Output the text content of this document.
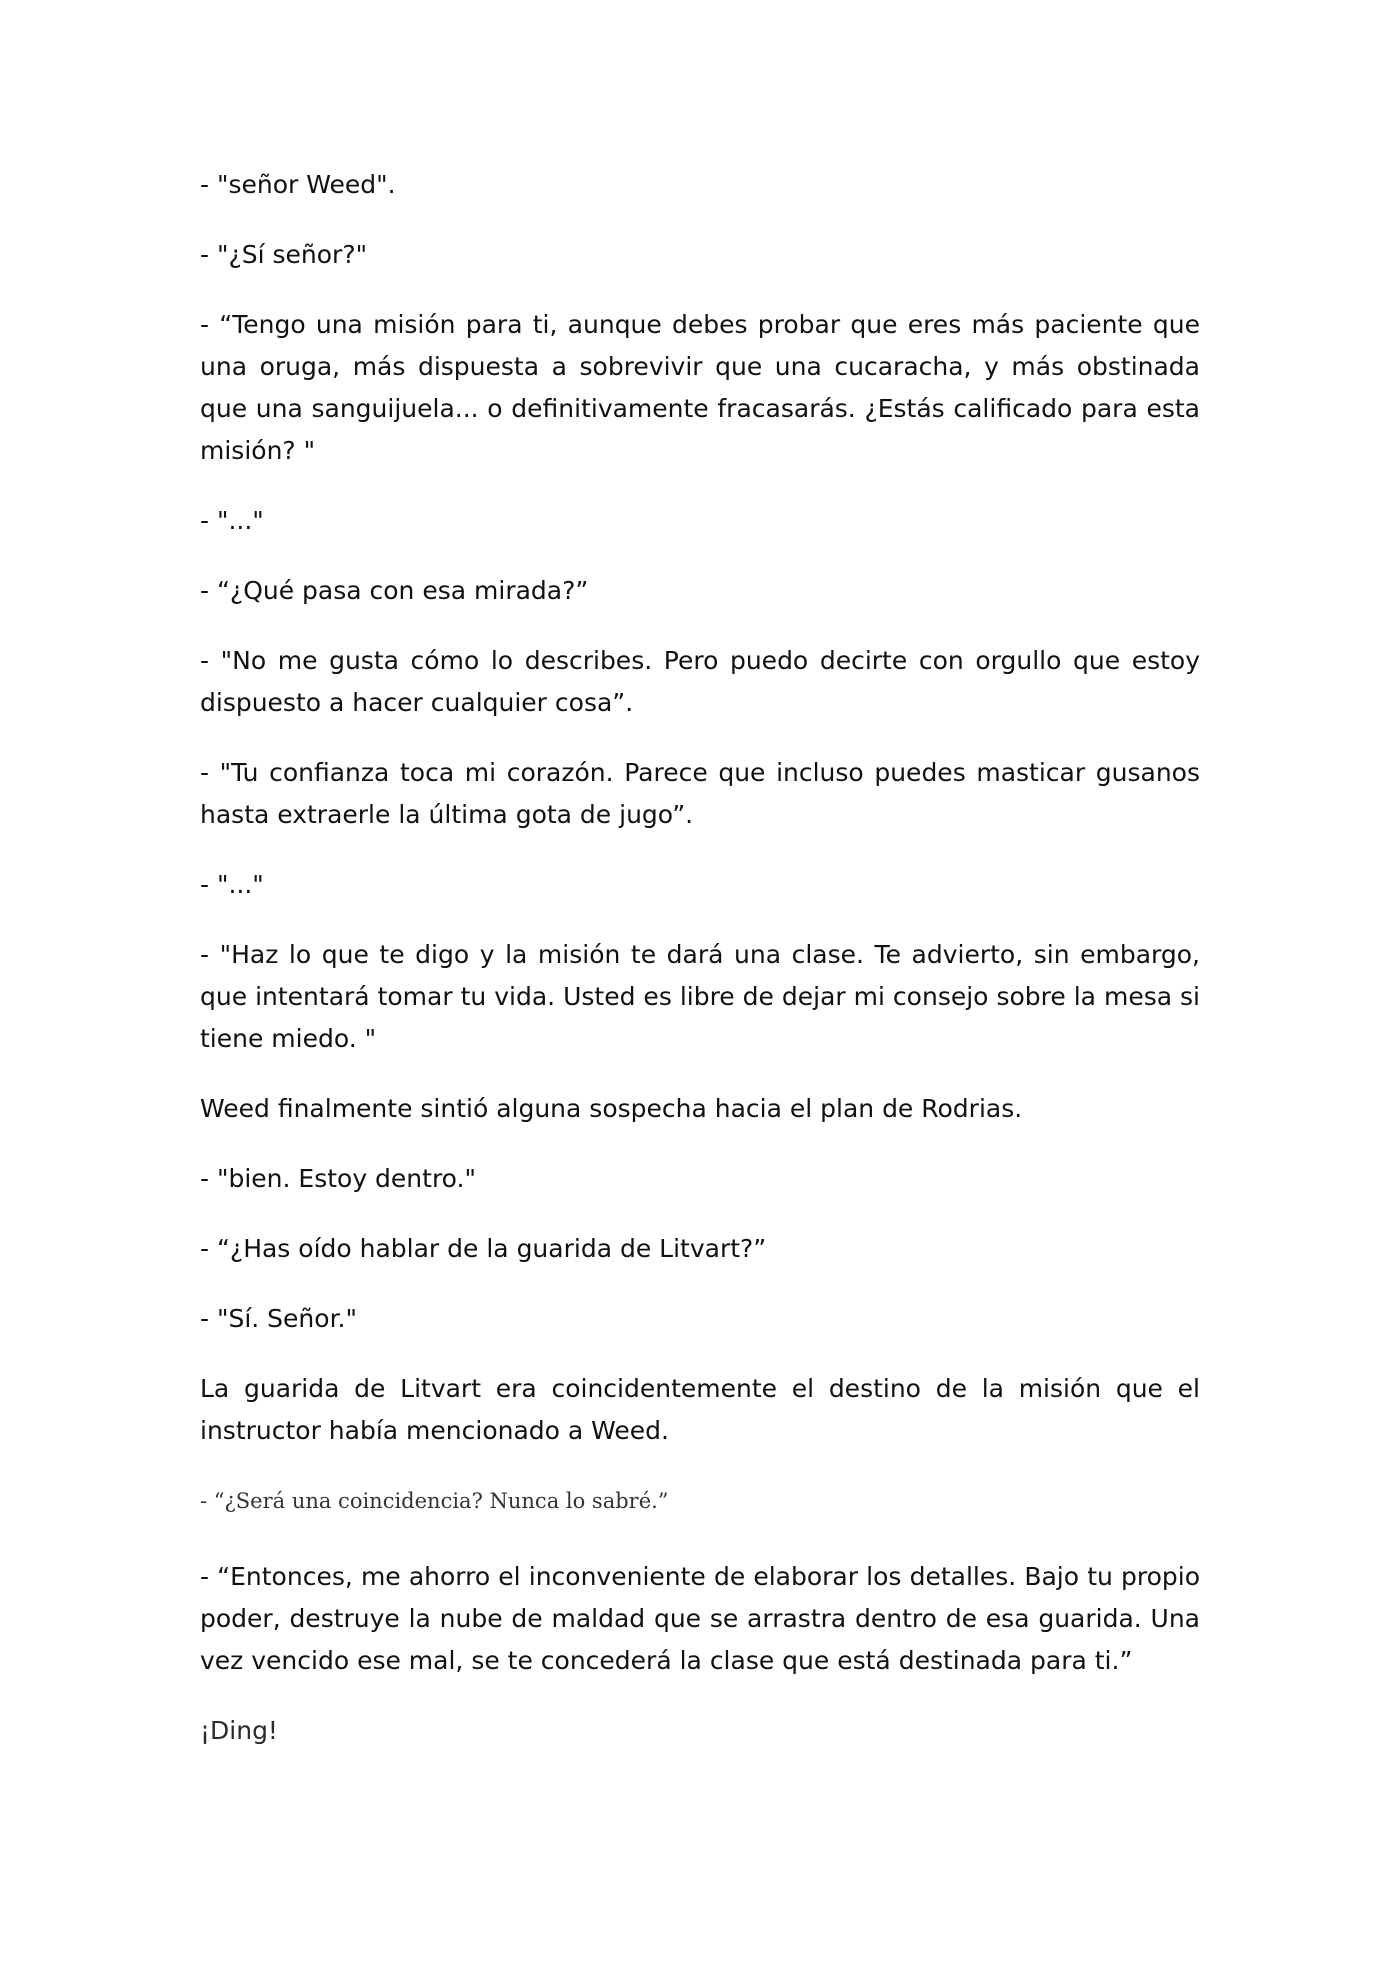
- "señor Weed".

- "¿Sí señor?"

- “Tengo una misión para ti, aunque debes probar que eres más paciente que una oruga, más dispuesta a sobrevivir que una cucaracha, y más obstinada que una sanguijuela... o definitivamente fracasarás. ¿Estás calificado para esta misión? "

- "..."

- “¿Qué pasa con esa mirada?”

- "No me gusta cómo lo describes. Pero puedo decirte con orgullo que estoy dispuesto a hacer cualquier cosa”.

- "Tu confianza toca mi corazón. Parece que incluso puedes masticar gusanos hasta extraerle la última gota de jugo”.

- "..."

- "Haz lo que te digo y la misión te dará una clase. Te advierto, sin embargo, que intentará tomar tu vida. Usted es libre de dejar mi consejo sobre la mesa si tiene miedo. "

Weed finalmente sintió alguna sospecha hacia el plan de Rodrias.

- "bien. Estoy dentro."

- “¿Has oído hablar de la guarida de Litvart?”

- "Sí. Señor."

La guarida de Litvart era coincidentemente el destino de la misión que el instructor había mencionado a Weed.

- “¿Será una coincidencia? Nunca lo sabré.”

- “Entonces, me ahorro el inconveniente de elaborar los detalles. Bajo tu propio poder, destruye la nube de maldad que se arrastra dentro de esa guarida. Una vez vencido ese mal, se te concederá la clase que está destinada para ti.”

¡Ding!
